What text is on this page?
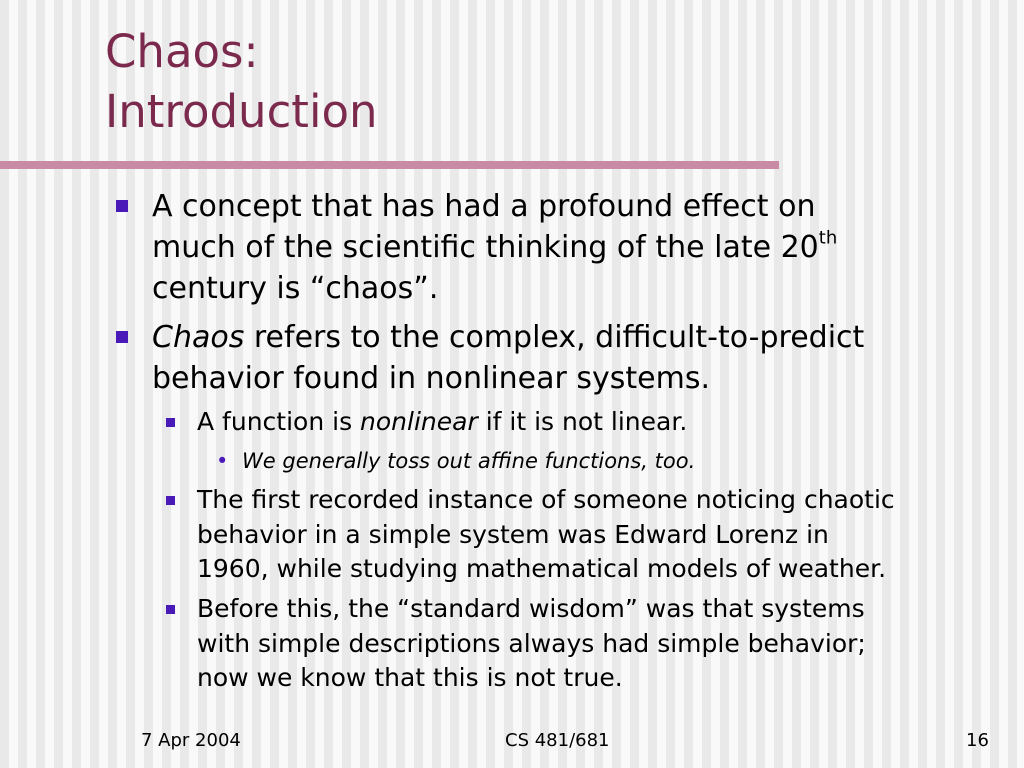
Chaos:
Introduction
A concept that has had a profound effect on
much of the scientific thinking of the late 20th
century is “chaos”.
Chaos refers to the complex, difficult-to-predict
behavior found in nonlinear systems.
A function is nonlinear if it is not linear.
• We generally toss out affine functions, too.
The first recorded instance of someone noticing chaotic
behavior in a simple system was Edward Lorenz in
1960, while studying mathematical models of weather.
Before this, the “standard wisdom” was that systems
with simple descriptions always had simple behavior;
now we know that this is not true.

7 Apr 2004	CS 481/681	16
